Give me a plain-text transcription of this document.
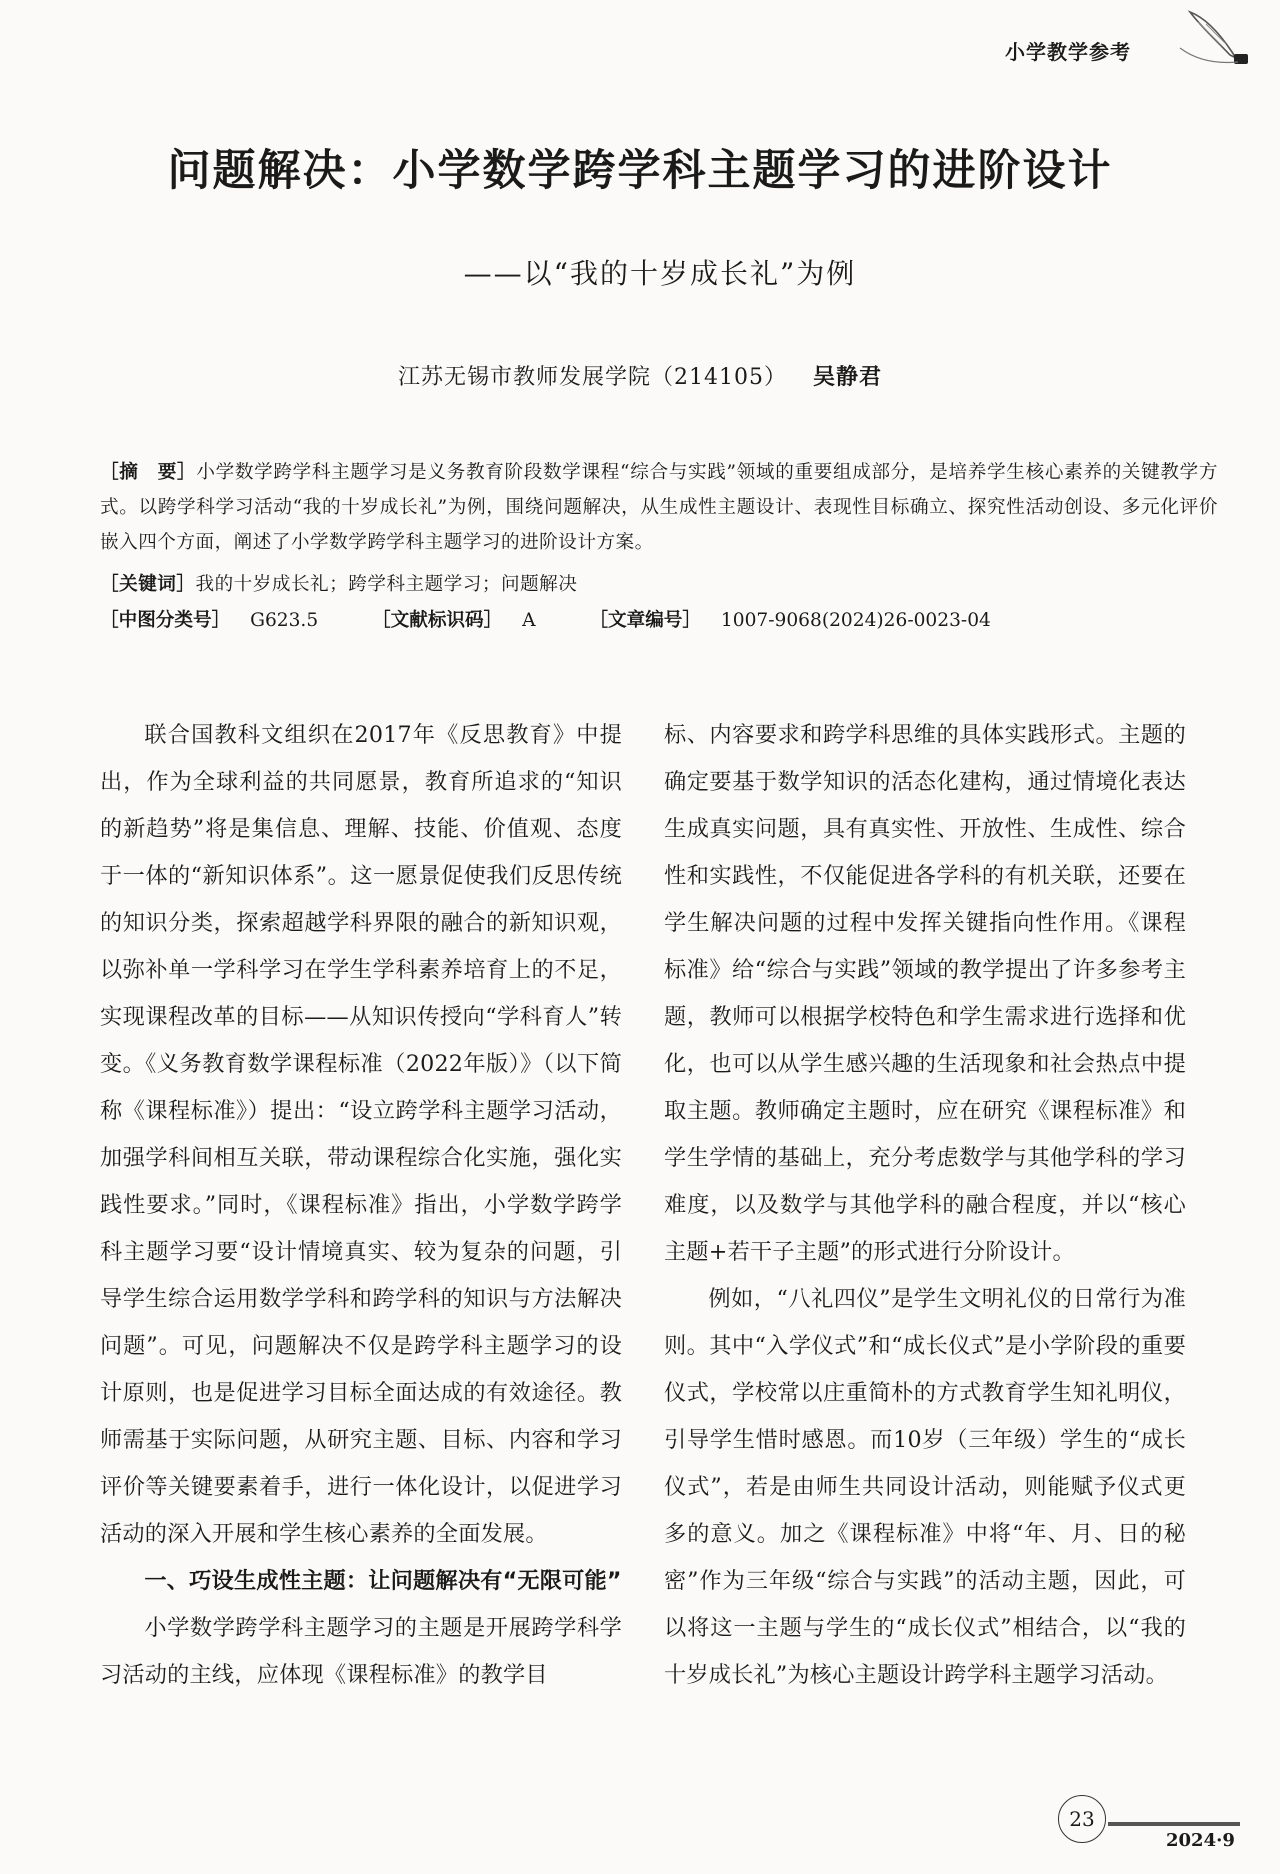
小学教学参考
问题解决：小学数学跨学科主题学习的进阶设计
——以“我的十岁成长礼”为例
江苏无锡市教师发展学院（214105） 吴静君
［摘　要］小学数学跨学科主题学习是义务教育阶段数学课程“综合与实践”领域的重要组成部分，是培养学生核心素养的关键教学方式。以跨学科学习活动“我的十岁成长礼”为例，围绕问题解决，从生成性主题设计、表现性目标确立、探究性活动创设、多元化评价嵌入四个方面，阐述了小学数学跨学科主题学习的进阶设计方案。
［关键词］我的十岁成长礼；跨学科主题学习；问题解决
［中图分类号］ G623.5	［文献标识码］ A	［文章编号］ 1007-9068(2024)26-0023-04

联合国教科文组织在2017年《反思教育》中提出，作为全球利益的共同愿景，教育所追求的“知识的新趋势”将是集信息、理解、技能、价值观、态度于一体的“新知识体系”。这一愿景促使我们反思传统的知识分类，探索超越学科界限的融合的新知识观，以弥补单一学科学习在学生学科素养培育上的不足，实现课程改革的目标——从知识传授向“学科育人”转变。《义务教育数学课程标准（2022年版）》（以下简称《课程标准》）提出：“设立跨学科主题学习活动，加强学科间相互关联，带动课程综合化实施，强化实践性要求。”同时，《课程标准》指出，小学数学跨学科主题学习要“设计情境真实、较为复杂的问题，引导学生综合运用数学学科和跨学科的知识与方法解决问题”。可见，问题解决不仅是跨学科主题学习的设计原则，也是促进学习目标全面达成的有效途径。教师需基于实际问题，从研究主题、目标、内容和学习评价等关键要素着手，进行一体化设计，以促进学习活动的深入开展和学生核心素养的全面发展。

一、巧设生成性主题：让问题解决有“无限可能”

小学数学跨学科主题学习的主题是开展跨学科学习活动的主线，应体现《课程标准》的教学目

标、内容要求和跨学科思维的具体实践形式。主题的确定要基于数学知识的活态化建构，通过情境化表达生成真实问题，具有真实性、开放性、生成性、综合性和实践性，不仅能促进各学科的有机关联，还要在学生解决问题的过程中发挥关键指向性作用。《课程标准》给“综合与实践”领域的教学提出了许多参考主题，教师可以根据学校特色和学生需求进行选择和优化，也可以从学生感兴趣的生活现象和社会热点中提取主题。教师确定主题时，应在研究《课程标准》和学生学情的基础上，充分考虑数学与其他学科的学习难度，以及数学与其他学科的融合程度，并以“核心主题+若干子主题”的形式进行分阶设计。

例如，“八礼四仪”是学生文明礼仪的日常行为准则。其中“入学仪式”和“成长仪式”是小学阶段的重要仪式，学校常以庄重简朴的方式教育学生知礼明仪，引导学生惜时感恩。而10岁（三年级）学生的“成长仪式”，若是由师生共同设计活动，则能赋予仪式更多的意义。加之《课程标准》中将“年、月、日的秘密”作为三年级“综合与实践”的活动主题，因此，可以将这一主题与学生的“成长仪式”相结合，以“我的十岁成长礼”为核心主题设计跨学科主题学习活动。

23
2024·9
